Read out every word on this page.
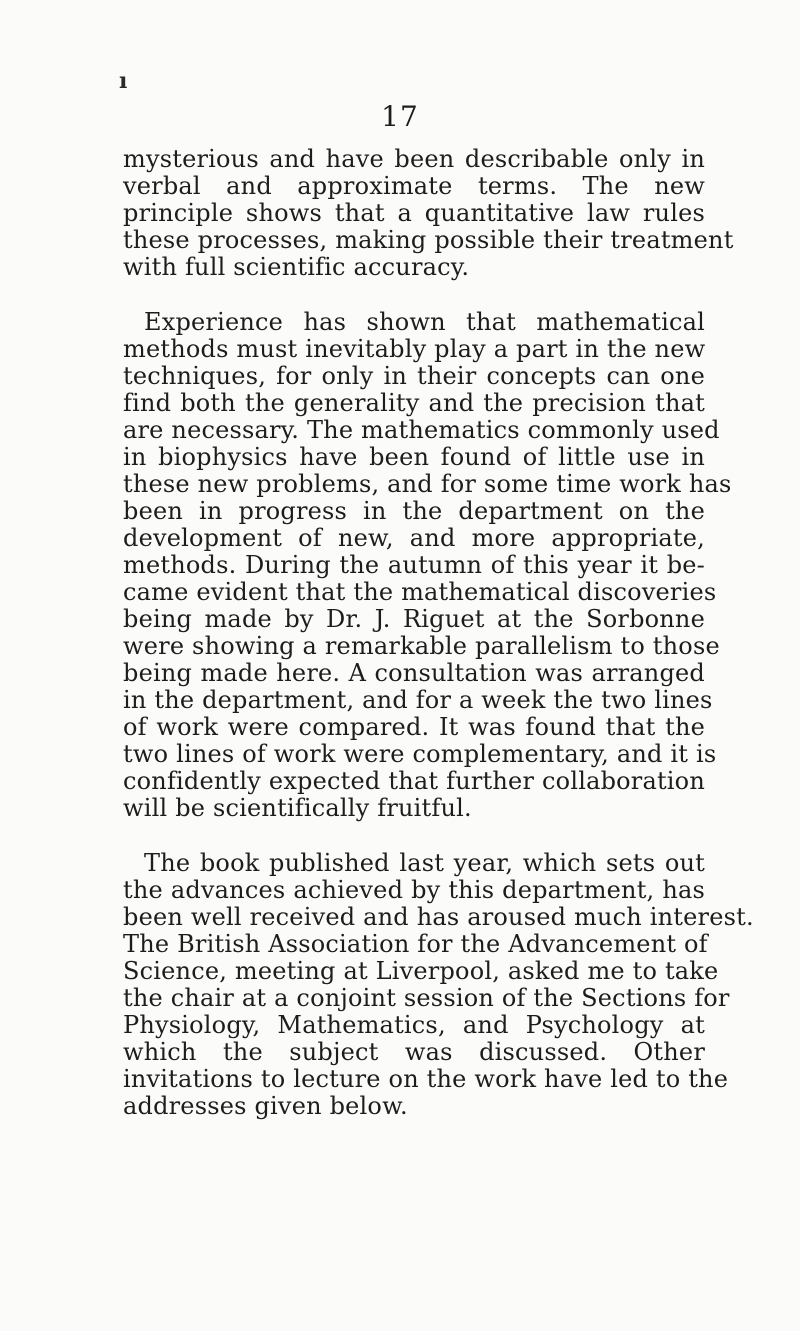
ı
17
mysterious and have been describable only in
verbal and approximate terms. The new
principle shows that a quantitative law rules
these processes, making possible their treatment
with full scientific accuracy.
Experience has shown that mathematical
methods must inevitably play a part in the new
techniques, for only in their concepts can one
find both the generality and the precision that
are necessary. The mathematics commonly used
in biophysics have been found of little use in
these new problems, and for some time work has
been in progress in the department on the
development of new, and more appropriate,
methods. During the autumn of this year it be-
came evident that the mathematical discoveries
being made by Dr. J. Riguet at the Sorbonne
were showing a remarkable parallelism to those
being made here. A consultation was arranged
in the department, and for a week the two lines
of work were compared. It was found that the
two lines of work were complementary, and it is
confidently expected that further collaboration
will be scientifically fruitful.
The book published last year, which sets out
the advances achieved by this department, has
been well received and has aroused much interest.
The British Association for the Advancement of
Science, meeting at Liverpool, asked me to take
the chair at a conjoint session of the Sections for
Physiology, Mathematics, and Psychology at
which the subject was discussed. Other
invitations to lecture on the work have led to the
addresses given below.
